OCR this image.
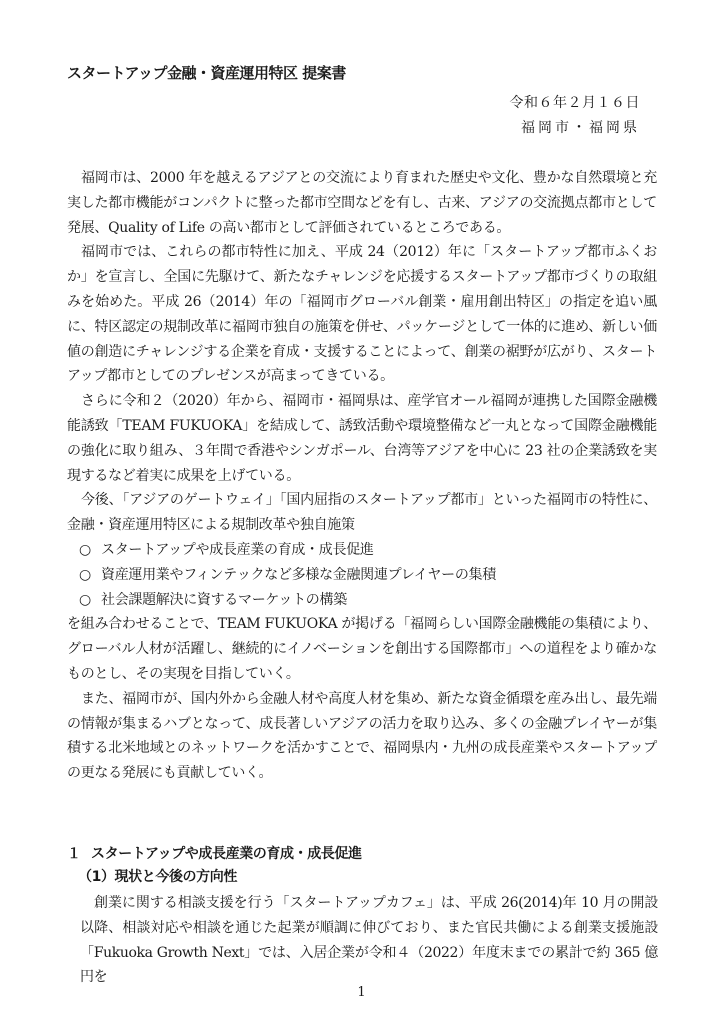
スタートアップ金融・資産運用特区 提案書
令和６年２月１６日
福岡市・福岡県

福岡市は、2000 年を越えるアジアとの交流により育まれた歴史や文化、豊かな自然環境と充実した都市機能がコンパクトに整った都市空間などを有し、古来、アジアの交流拠点都市として発展、Quality of Life の高い都市として評価されているところである。

福岡市では、これらの都市特性に加え、平成 24（2012）年に「スタートアップ都市ふくおか」を宣言し、全国に先駆けて、新たなチャレンジを応援するスタートアップ都市づくりの取組みを始めた。平成 26（2014）年の「福岡市グローバル創業・雇用創出特区」の指定を追い風に、特区認定の規制改革に福岡市独自の施策を併せ、パッケージとして一体的に進め、新しい価値の創造にチャレンジする企業を育成・支援することによって、創業の裾野が広がり、スタートアップ都市としてのプレゼンスが高まってきている。

さらに令和２（2020）年から、福岡市・福岡県は、産学官オール福岡が連携した国際金融機能誘致「TEAM FUKUOKA」を結成して、誘致活動や環境整備など一丸となって国際金融機能の強化に取り組み、３年間で香港やシンガポール、台湾等アジアを中心に 23 社の企業誘致を実現するなど着実に成果を上げている。

今後、「アジアのゲートウェイ」「国内屈指のスタートアップ都市」といった福岡市の特性に、金融・資産運用特区による規制改革や独自施策

○ スタートアップや成長産業の育成・成長促進
○ 資産運用業やフィンテックなど多様な金融関連プレイヤーの集積
○ 社会課題解決に資するマーケットの構築

を組み合わせることで、TEAM FUKUOKA が掲げる「福岡らしい国際金融機能の集積により、グローバル人材が活躍し、継続的にイノベーションを創出する国際都市」への道程をより確かなものとし、その実現を目指していく。

また、福岡市が、国内外から金融人材や高度人材を集め、新たな資金循環を産み出し、最先端の情報が集まるハブとなって、成長著しいアジアの活力を取り込み、多くの金融プレイヤーが集積する北米地域とのネットワークを活かすことで、福岡県内・九州の成長産業やスタートアップの更なる発展にも貢献していく。

１ スタートアップや成長産業の育成・成長促進
（1）現状と今後の方向性

創業に関する相談支援を行う「スタートアップカフェ」は、平成 26(2014)年 10 月の開設以降、相談対応や相談を通じた起業が順調に伸びており、また官民共働による創業支援施設「Fukuoka Growth Next」では、入居企業が令和４（2022）年度末までの累計で約 365 億円を

1
